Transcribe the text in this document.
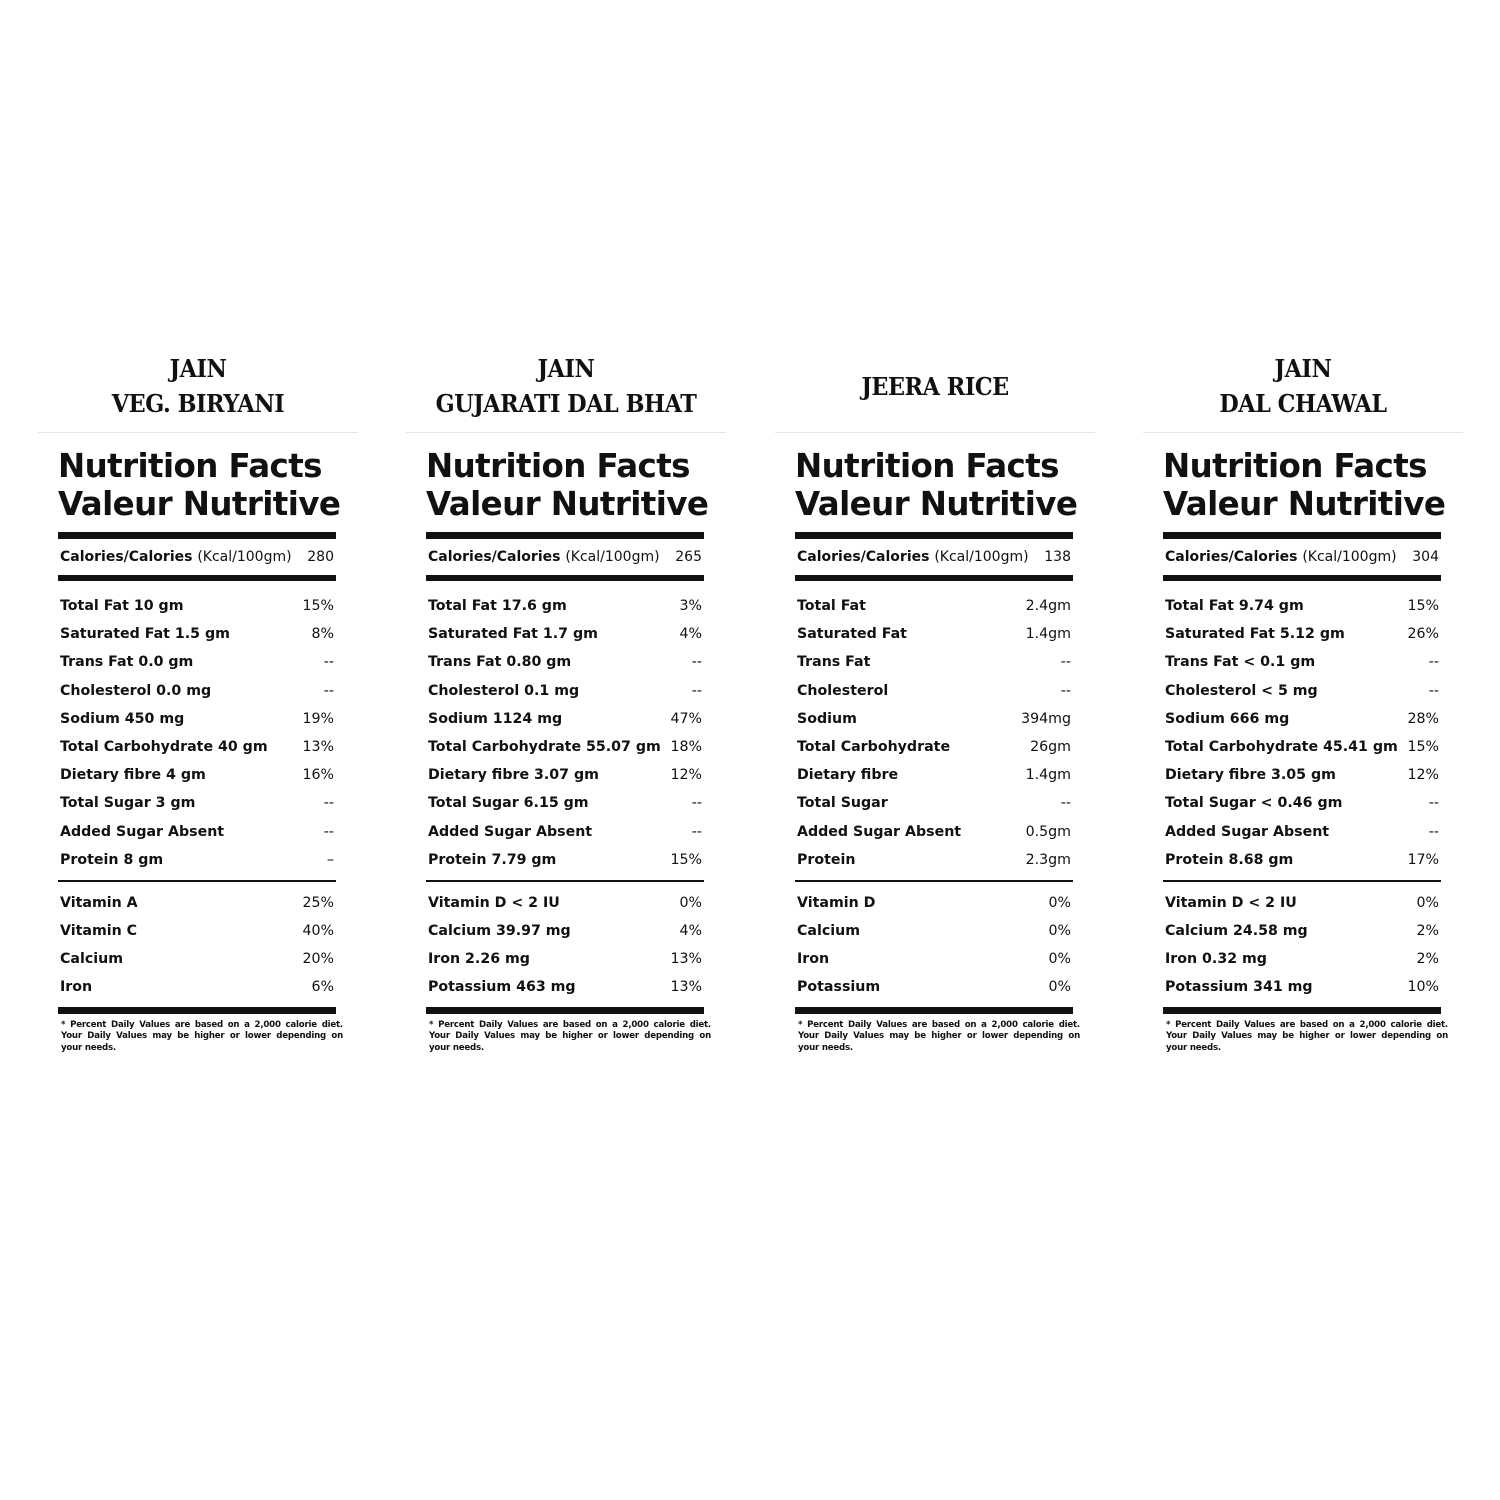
JAIN
VEG. BIRYANI
Nutrition Facts
Valeur Nutritive
Calories/Calories (Kcal/100gm) 280
Total Fat 10 gm	15%
Saturated Fat 1.5 gm	8%
Trans Fat 0.0 gm	--
Cholesterol 0.0 mg	--
Sodium 450 mg	19%
Total Carbohydrate 40 gm 13%
Dietary fibre 4 gm	16%
Total Sugar 3 gm	--
Added Sugar Absent	--
Protein 8 gm	–
Vitamin A	25%
Vitamin C	40%
Calcium	20%
Iron	6%
* Percent Daily Values are based on a 2,000 calorie diet. Your Daily Values may be higher or lower depending on your needs.
JAIN
GUJARATI DAL BHAT
Nutrition Facts
Valeur Nutritive
Calories/Calories (Kcal/100gm) 265
Total Fat 17.6 gm	3%
Saturated Fat 1.7 gm	4%
Trans Fat 0.80 gm	--
Cholesterol 0.1 mg	--
Sodium 1124 mg	47%
Total Carbohydrate 55.07 gm 18%
Dietary fibre 3.07 gm	12%
Total Sugar 6.15 gm	--
Added Sugar Absent	--
Protein 7.79 gm	15%
Vitamin D < 2 IU	0%
Calcium 39.97 mg	4%
Iron 2.26 mg	13%
Potassium 463 mg	13%
* Percent Daily Values are based on a 2,000 calorie diet. Your Daily Values may be higher or lower depending on your needs.
JEERA RICE
Nutrition Facts
Valeur Nutritive
Calories/Calories (Kcal/100gm) 138
Total Fat	2.4gm
Saturated Fat	1.4gm
Trans Fat	--
Cholesterol	--
Sodium	394mg
Total Carbohydrate	26gm
Dietary fibre	1.4gm
Total Sugar	--
Added Sugar Absent	0.5gm
Protein	2.3gm
Vitamin D	0%
Calcium	0%
Iron	0%
Potassium	0%
* Percent Daily Values are based on a 2,000 calorie diet. Your Daily Values may be higher or lower depending on your needs.
JAIN
DAL CHAWAL
Nutrition Facts
Valeur Nutritive
Calories/Calories (Kcal/100gm) 304
Total Fat 9.74 gm	15%
Saturated Fat 5.12 gm	26%
Trans Fat < 0.1 gm	--
Cholesterol < 5 mg	--
Sodium 666 mg	28%
Total Carbohydrate 45.41 gm 15%
Dietary fibre 3.05 gm	12%
Total Sugar < 0.46 gm	--
Added Sugar Absent	--
Protein 8.68 gm	17%
Vitamin D < 2 IU	0%
Calcium 24.58 mg	2%
Iron 0.32 mg	2%
Potassium 341 mg	10%
* Percent Daily Values are based on a 2,000 calorie diet. Your Daily Values may be higher or lower depending on your needs.
